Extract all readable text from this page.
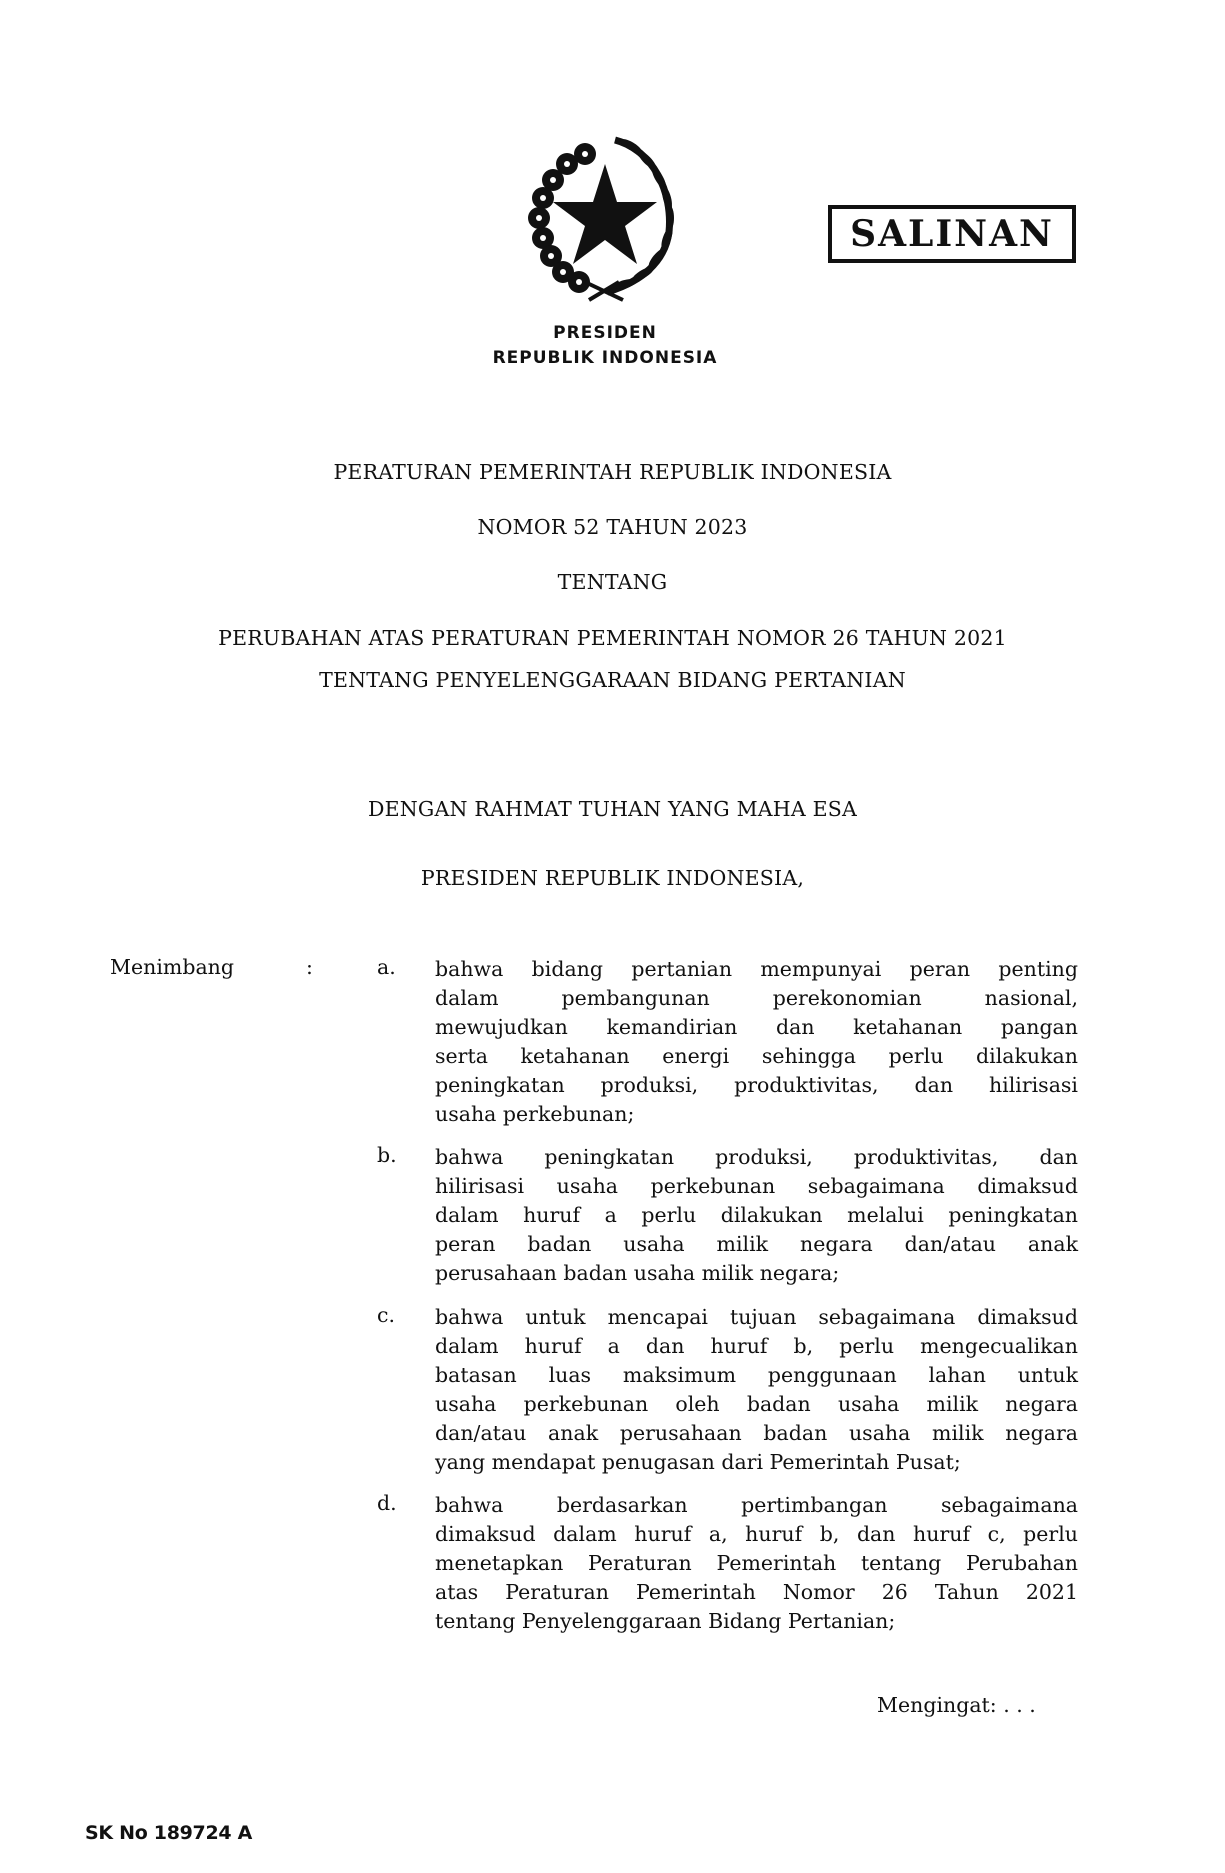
PRESIDEN
REPUBLIK INDONESIA
SALINAN
PERATURAN PEMERINTAH REPUBLIK INDONESIA
NOMOR 52 TAHUN 2023
TENTANG
PERUBAHAN ATAS PERATURAN PEMERINTAH NOMOR 26 TAHUN 2021
TENTANG PENYELENGGARAAN BIDANG PERTANIAN
DENGAN RAHMAT TUHAN YANG MAHA ESA
PRESIDEN REPUBLIK INDONESIA,
Menimbang	:	a. bahwa bidang pertanian mempunyai peran penting
dalam pembangunan perekonomian nasional,
mewujudkan kemandirian dan ketahanan pangan
serta ketahanan energi sehingga perlu dilakukan
peningkatan produksi, produktivitas, dan hilirisasi
usaha perkebunan;
b. bahwa peningkatan produksi, produktivitas, dan
hilirisasi usaha perkebunan sebagaimana dimaksud
dalam huruf a perlu dilakukan melalui peningkatan
peran badan usaha milik negara dan/atau anak
perusahaan badan usaha milik negara;
c. bahwa untuk mencapai tujuan sebagaimana dimaksud
dalam huruf a dan huruf b, perlu mengecualikan
batasan luas maksimum penggunaan lahan untuk
usaha perkebunan oleh badan usaha milik negara
dan/atau anak perusahaan badan usaha milik negara
yang mendapat penugasan dari Pemerintah Pusat;
d. bahwa berdasarkan pertimbangan sebagaimana
dimaksud dalam huruf a, huruf b, dan huruf c, perlu
menetapkan Peraturan Pemerintah tentang Perubahan
atas Peraturan Pemerintah Nomor 26 Tahun 2021
tentang Penyelenggaraan Bidang Pertanian;
Mengingat: . . .
SK No 189724 A
